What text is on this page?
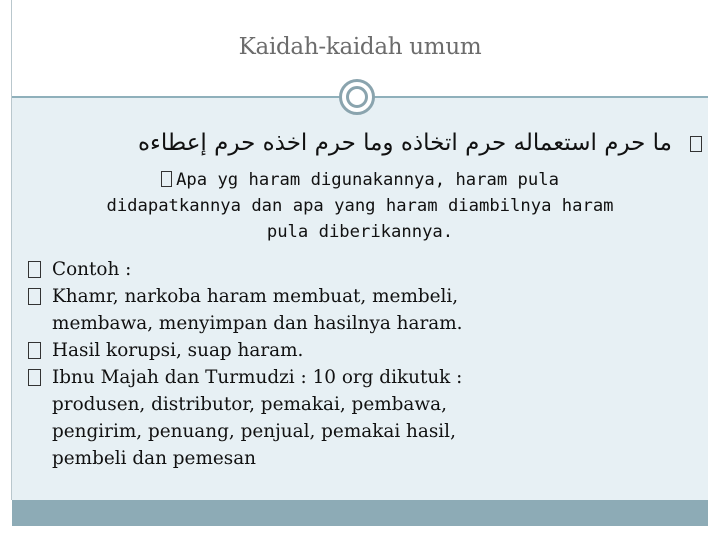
Kaidah-kaidah umum
ما حرم استعماله حرم اتخاذه وما حرم اخذه حرم إعطاءه
Apa yg haram digunakannya, haram pula
didapatkannya dan apa yang haram diambilnya haram
pula diberikannya.
Contoh :
Khamr, narkoba haram membuat, membeli,
membawa, menyimpan dan hasilnya haram.
Hasil korupsi, suap haram.
Ibnu Majah dan Turmudzi : 10 org dikutuk :
produsen, distributor, pemakai, pembawa,
pengirim, penuang, penjual, pemakai hasil,
pembeli dan pemesan
